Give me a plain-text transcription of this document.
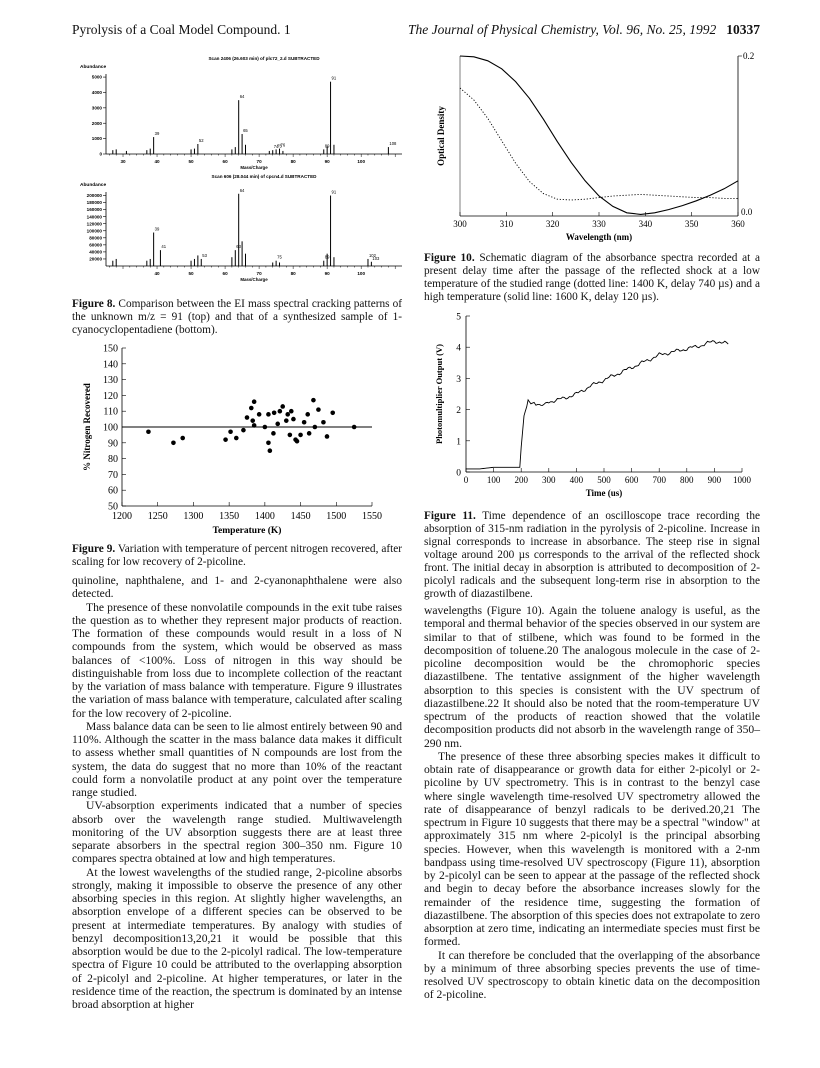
Pyrolysis of a Coal Model Compound. 1	The Journal of Physical Chemistry, Vol. 96, No. 25, 1992 10337
Scan 2406 (26.603 min) of plc72_2.d SUBTRACTED
Abundance
0
1000
2000
3000
4000
5000
30	40	50	60	70	80	90	100
Mass/Charge
39
52
64
65
74
75
76	89
91
108
Scan 606 (28.044 min) of cpcn4.d SUBTRACTED
Abundance
20000
40000
60000
80000
100000
120000
140000
160000
180000
200000
40	50	60	70	80	90	100
Mass/Charge
39
41
53
63
64
75	89
91
102
103
Figure 8. Comparison between the EI mass spectral cracking patterns of the unknown m/z = 91 (top) and that of a synthesized sample of 1-cyanocyclopentadiene (bottom).
50
60
70
80
90
100
110
120
130
140
150
1200 1250 1300 1350 1400 1450 1500 1550
Temperature (K)
% Nitrogen Recovered
Figure 9. Variation with temperature of percent nitrogen recovered, after scaling for low recovery of 2-picoline.

quinoline, naphthalene, and 1- and 2-cyanonaphthalene were also detected.

The presence of these nonvolatile compounds in the exit tube raises the question as to whether they represent major products of reaction. The formation of these compounds would result in a loss of N compounds from the system, which would be observed as mass balances of <100%. Loss of nitrogen in this way should be distinguishable from loss due to incomplete collection of the reactant by the variation of mass balance with temperature. Figure 9 illustrates the variation of mass balance with temperature, calculated after scaling for the low recovery of 2-picoline.

Mass balance data can be seen to lie almost entirely between 90 and 110%. Although the scatter in the mass balance data makes it difficult to assess whether small quantities of N compounds are lost from the system, the data do suggest that no more than 10% of the reactant could form a nonvolatile product at any point over the temperature range studied.

UV-absorption experiments indicated that a number of species absorb over the wavelength range studied. Multiwavelength monitoring of the UV absorption suggests there are at least three separate absorbers in the spectral region 300–350 nm. Figure 10 compares spectra obtained at low and high temperatures.

At the lowest wavelengths of the studied range, 2-picoline absorbs strongly, making it impossible to observe the presence of any other absorbing species in this region. At slightly higher wavelengths, an absorption envelope of a different species can be observed to be present at intermediate temperatures. By analogy with studies of benzyl decomposition13,20,21 it would be possible that this absorption would be due to the 2-picolyl radical. The low-temperature spectra of Figure 10 could be attributed to the overlapping absorption of 2-picolyl and 2-picoline. At higher temperatures, or later in the residence time of the reaction, the spectrum is dominated by an intense broad absorption at higher

300	310	320	330	340	350	360
0.2
0.0
Wavelength (nm)
Optical Density
Figure 10. Schematic diagram of the absorbance spectra recorded at a present delay time after the passage of the reflected shock at a low temperature of the studied range (dotted line: 1400 K, delay 740 µs) and a high temperature (solid line: 1600 K, delay 120 µs).
0
1
2
3
4
5
0 100 200 300 400 500 600 700 800 900 1000
Time (us)
Photomultiplier Output (V)
Figure 11. Time dependence of an oscilloscope trace recording the absorption of 315-nm radiation in the pyrolysis of 2-picoline. Increase in signal corresponds to increase in absorbance. The steep rise in signal voltage around 200 µs corresponds to the arrival of the reflected shock front. The initial decay in absorption is attributed to decomposition of 2-picolyl radicals and the subsequent long-term rise in absorption to the growth of diazastilbene.

wavelengths (Figure 10). Again the toluene analogy is useful, as the temporal and thermal behavior of the species observed in our system are similar to that of stilbene, which was found to be formed in the decomposition of toluene.20 The analogous molecule in the case of 2-picoline decomposition would be the chromophoric species diazastilbene. The tentative assignment of the higher wavelength absorption to this species is consistent with the UV spectrum of diazastilbene.22 It should also be noted that the room-temperature UV spectrum of the products of reaction showed that the volatile decomposition products did not absorb in the wavelength range of 350–290 nm.

The presence of these three absorbing species makes it difficult to obtain rate of disappearance or growth data for either 2-picolyl or 2-picoline by UV spectrometry. This is in contrast to the benzyl case where single wavelength time-resolved UV spectrometry allowed the rate of disappearance of benzyl radicals to be derived.20,21 The spectrum in Figure 10 suggests that there may be a spectral "window" at approximately 315 nm where 2-picolyl is the principal absorbing species. However, when this wavelength is monitored with a 2-nm bandpass using time-resolved UV spectroscopy (Figure 11), absorption by 2-picolyl can be seen to appear at the passage of the reflected shock and begin to decay before the absorbance increases slowly for the remainder of the residence time, suggesting the formation of diazastilbene. The absorption of this species does not extrapolate to zero absorption at zero time, indicating an intermediate species must first be formed.

It can therefore be concluded that the overlapping of the absorbance by a minimum of three absorbing species prevents the use of time-resolved UV spectroscopy to obtain kinetic data on the decomposition of 2-picoline.
